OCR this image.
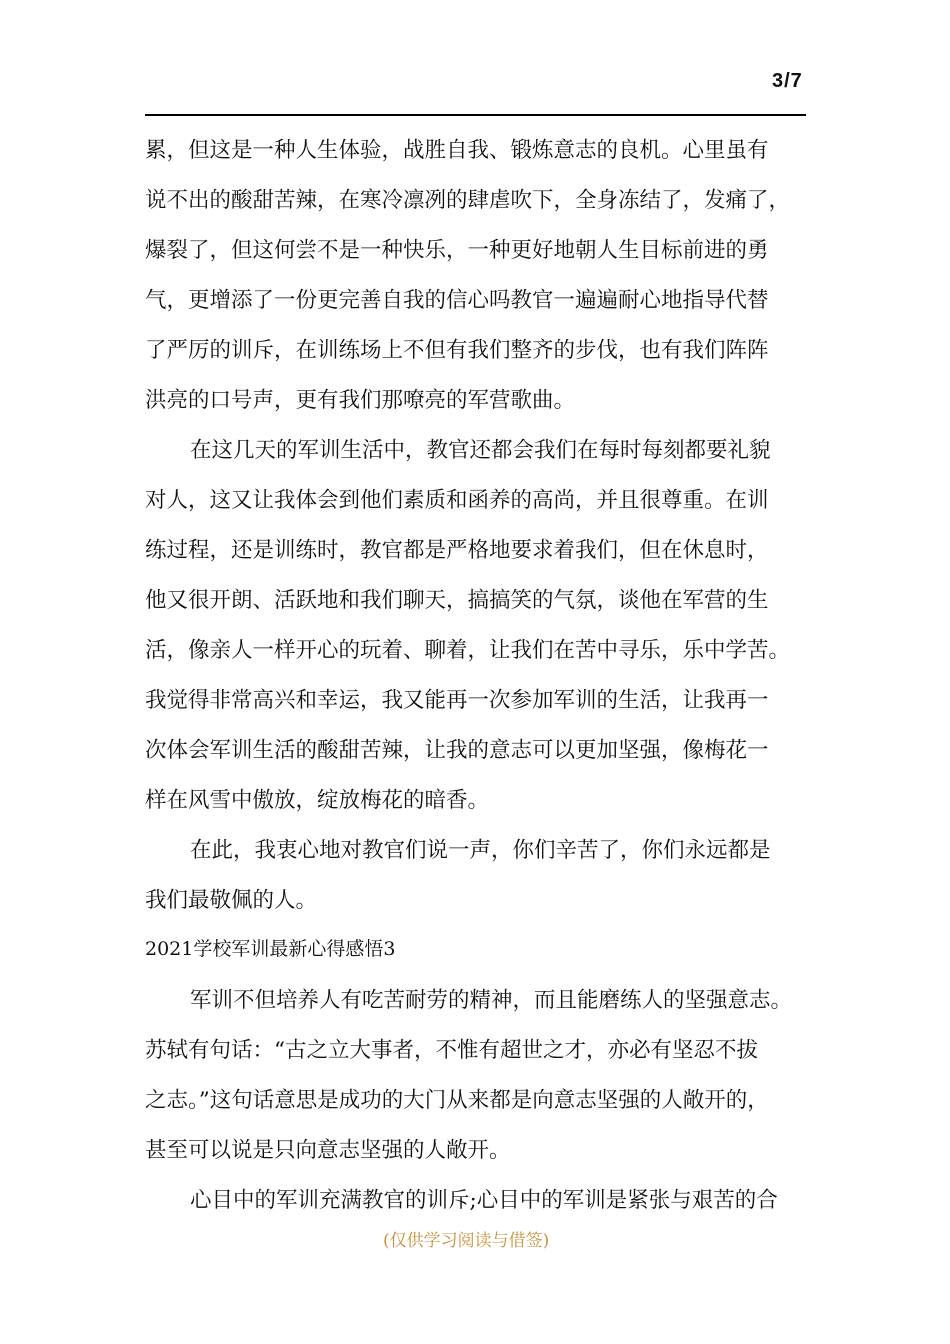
3/7
累，但这是一种人生体验，战胜自我、锻炼意志的良机。心里虽有
说不出的酸甜苦辣，在寒冷凛冽的肆虐吹下，全身冻结了，发痛了，
爆裂了，但这何尝不是一种快乐，一种更好地朝人生目标前进的勇
气，更增添了一份更完善自我的信心吗教官一遍遍耐心地指导代替
了严厉的训斥，在训练场上不但有我们整齐的步伐，也有我们阵阵
洪亮的口号声，更有我们那嘹亮的军营歌曲。
在这几天的军训生活中，教官还都会我们在每时每刻都要礼貌
对人，这又让我体会到他们素质和函养的高尚，并且很尊重。在训
练过程，还是训练时，教官都是严格地要求着我们，但在休息时，
他又很开朗、活跃地和我们聊天，搞搞笑的气氛，谈他在军营的生
活，像亲人一样开心的玩着、聊着，让我们在苦中寻乐，乐中学苦。
我觉得非常高兴和幸运，我又能再一次参加军训的生活，让我再一
次体会军训生活的酸甜苦辣，让我的意志可以更加坚强，像梅花一
样在风雪中傲放，绽放梅花的暗香。
在此，我衷心地对教官们说一声，你们辛苦了，你们永远都是
我们最敬佩的人。
2021学校军训最新心得感悟3
军训不但培养人有吃苦耐劳的精神，而且能磨练人的坚强意志。
苏轼有句话：“古之立大事者，不惟有超世之才，亦必有坚忍不拔
之志。”这句话意思是成功的大门从来都是向意志坚强的人敞开的，
甚至可以说是只向意志坚强的人敞开。
心目中的军训充满教官的训斥;心目中的军训是紧张与艰苦的合
(仅供学习阅读与借签)
